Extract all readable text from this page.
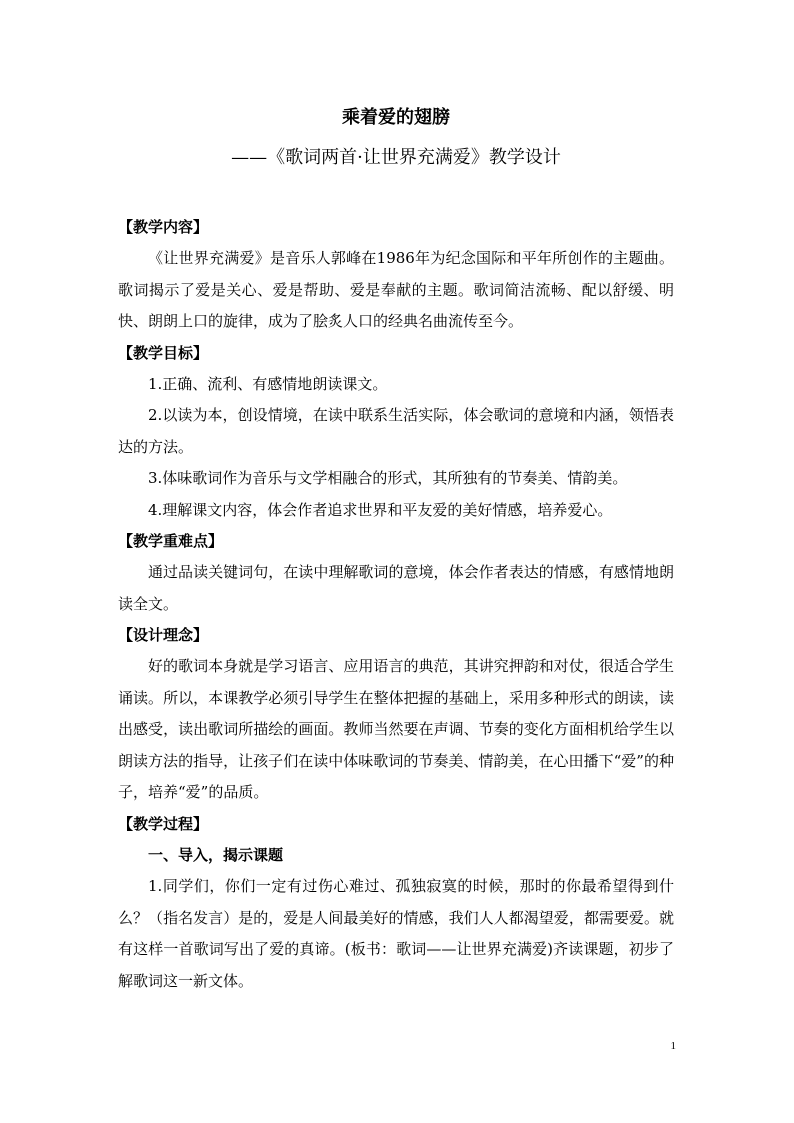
乘着爱的翅膀

——《歌词两首·让世界充满爱》教学设计

【教学内容】

《让世界充满爱》是音乐人郭峰在1986年为纪念国际和平年所创作的主题曲。歌词揭示了爱是关心、爱是帮助、爱是奉献的主题。歌词简洁流畅、配以舒缓、明快、朗朗上口的旋律，成为了脍炙人口的经典名曲流传至今。

【教学目标】

1.正确、流利、有感情地朗读课文。

2.以读为本，创设情境，在读中联系生活实际，体会歌词的意境和内涵，领悟表达的方法。

3.体味歌词作为音乐与文学相融合的形式，其所独有的节奏美、情韵美。

4.理解课文内容，体会作者追求世界和平友爱的美好情感，培养爱心。

【教学重难点】

通过品读关键词句，在读中理解歌词的意境，体会作者表达的情感，有感情地朗读全文。

【设计理念】

好的歌词本身就是学习语言、应用语言的典范，其讲究押韵和对仗，很适合学生诵读。所以，本课教学必须引导学生在整体把握的基础上，采用多种形式的朗读，读出感受，读出歌词所描绘的画面。教师当然要在声调、节奏的变化方面相机给学生以朗读方法的指导，让孩子们在读中体味歌词的节奏美、情韵美，在心田播下“爱”的种子，培养“爱”的品质。

【教学过程】

一、导入，揭示课题

1.同学们，你们一定有过伤心难过、孤独寂寞的时候，那时的你最希望得到什么？（指名发言）是的，爱是人间最美好的情感，我们人人都渴望爱，都需要爱。就有这样一首歌词写出了爱的真谛。(板书：歌词——让世界充满爱)齐读课题，初步了解歌词这一新文体。

1
